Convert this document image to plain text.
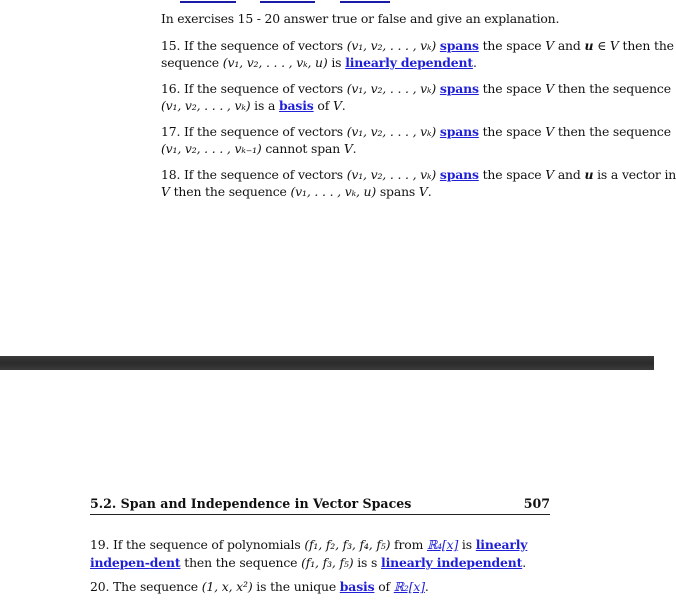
In exercises 15 - 20 answer true or false and give an explanation.
15. If the sequence of vectors (v₁, v₂, . . . , vₖ) spans the space V and u ∈ V then the
sequence (v₁, v₂, . . . , vₖ, u) is linearly dependent.
16. If the sequence of vectors (v₁, v₂, . . . , vₖ) spans the space V then the sequence
(v₁, v₂, . . . , vₖ) is a basis of V.
17. If the sequence of vectors (v₁, v₂, . . . , vₖ) spans the space V then the sequence
(v₁, v₂, . . . , vₖ₋₁) cannot span V.
18. If the sequence of vectors (v₁, v₂, . . . , vₖ) spans the space V and u is a vector in
V then the sequence (v₁, . . . , vₖ, u) spans V.
5.2. Span and Independence in Vector Spaces	507
19. If the sequence of polynomials (f₁, f₂, f₃, f₄, f₅) from ℝ₄[x] is linearly indepen-dent then the sequence (f₁, f₃, f₅) is s linearly independent.
20. The sequence (1, x, x²) is the unique basis of ℝ₂[x].
